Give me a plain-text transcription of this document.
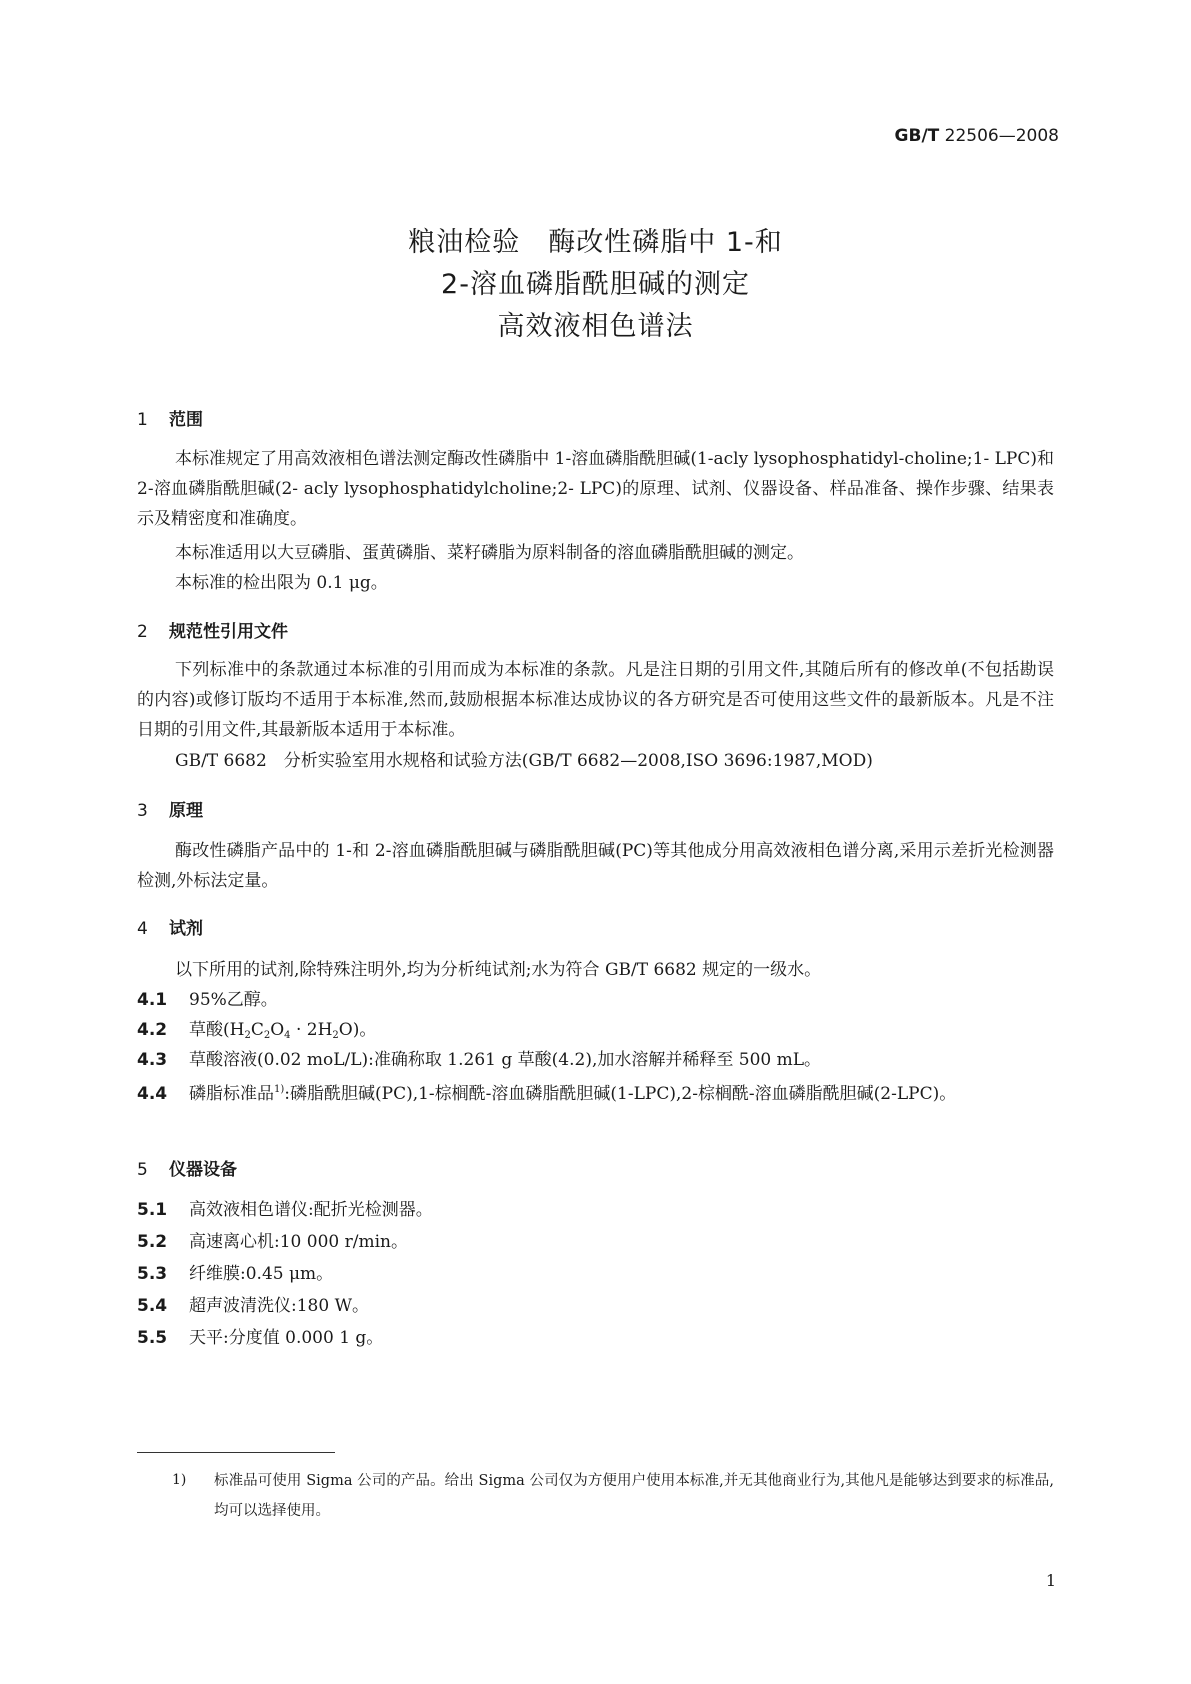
GB/T 22506—2008
粮油检验　酶改性磷脂中 1-和
2-溶血磷脂酰胆碱的测定
高效液相色谱法
1 范围
本标准规定了用高效液相色谱法测定酶改性磷脂中 1-溶血磷脂酰胆碱(1-acly lysophosphatidyl-choline;1- LPC)和 2-溶血磷脂酰胆碱(2- acly lysophosphatidylcholine;2- LPC)的原理、试剂、仪器设备、样品准备、操作步骤、结果表示及精密度和准确度。
本标准适用以大豆磷脂、蛋黄磷脂、菜籽磷脂为原料制备的溶血磷脂酰胆碱的测定。
本标准的检出限为 0.1 μg。
2 规范性引用文件
下列标准中的条款通过本标准的引用而成为本标准的条款。凡是注日期的引用文件,其随后所有的修改单(不包括勘误的内容)或修订版均不适用于本标准,然而,鼓励根据本标准达成协议的各方研究是否可使用这些文件的最新版本。凡是不注日期的引用文件,其最新版本适用于本标准。
GB/T 6682　分析实验室用水规格和试验方法(GB/T 6682—2008,ISO 3696:1987,MOD)
3 原理
酶改性磷脂产品中的 1-和 2-溶血磷脂酰胆碱与磷脂酰胆碱(PC)等其他成分用高效液相色谱分离,采用示差折光检测器检测,外标法定量。
4 试剂
以下所用的试剂,除特殊注明外,均为分析纯试剂;水为符合 GB/T 6682 规定的一级水。
4.1 95%乙醇。
4.2 草酸$(H_2C_2O_4 \cdot 2H_2O)$。
4.3 草酸溶液(0.02 moL/L):准确称取 1.261 g 草酸(4.2),加水溶解并稀释至 500 mL。
4.4 磷脂标准品$^{1)}$:磷脂酰胆碱(PC),1-棕榈酰-溶血磷脂酰胆碱(1-LPC),2-棕榈酰-溶血磷脂酰胆碱(2-LPC)。
5 仪器设备
5.1 高效液相色谱仪:配折光检测器。
5.2 高速离心机:10 000 r/min。
5.3 纤维膜:0.45 μm。
5.4 超声波清洗仪:180 W。
5.5 天平:分度值 0.000 1 g。
1) 标准品可使用 Sigma 公司的产品。给出 Sigma 公司仅为方便用户使用本标准,并无其他商业行为,其他凡是能够达到要求的标准品,均可以选择使用。
1
